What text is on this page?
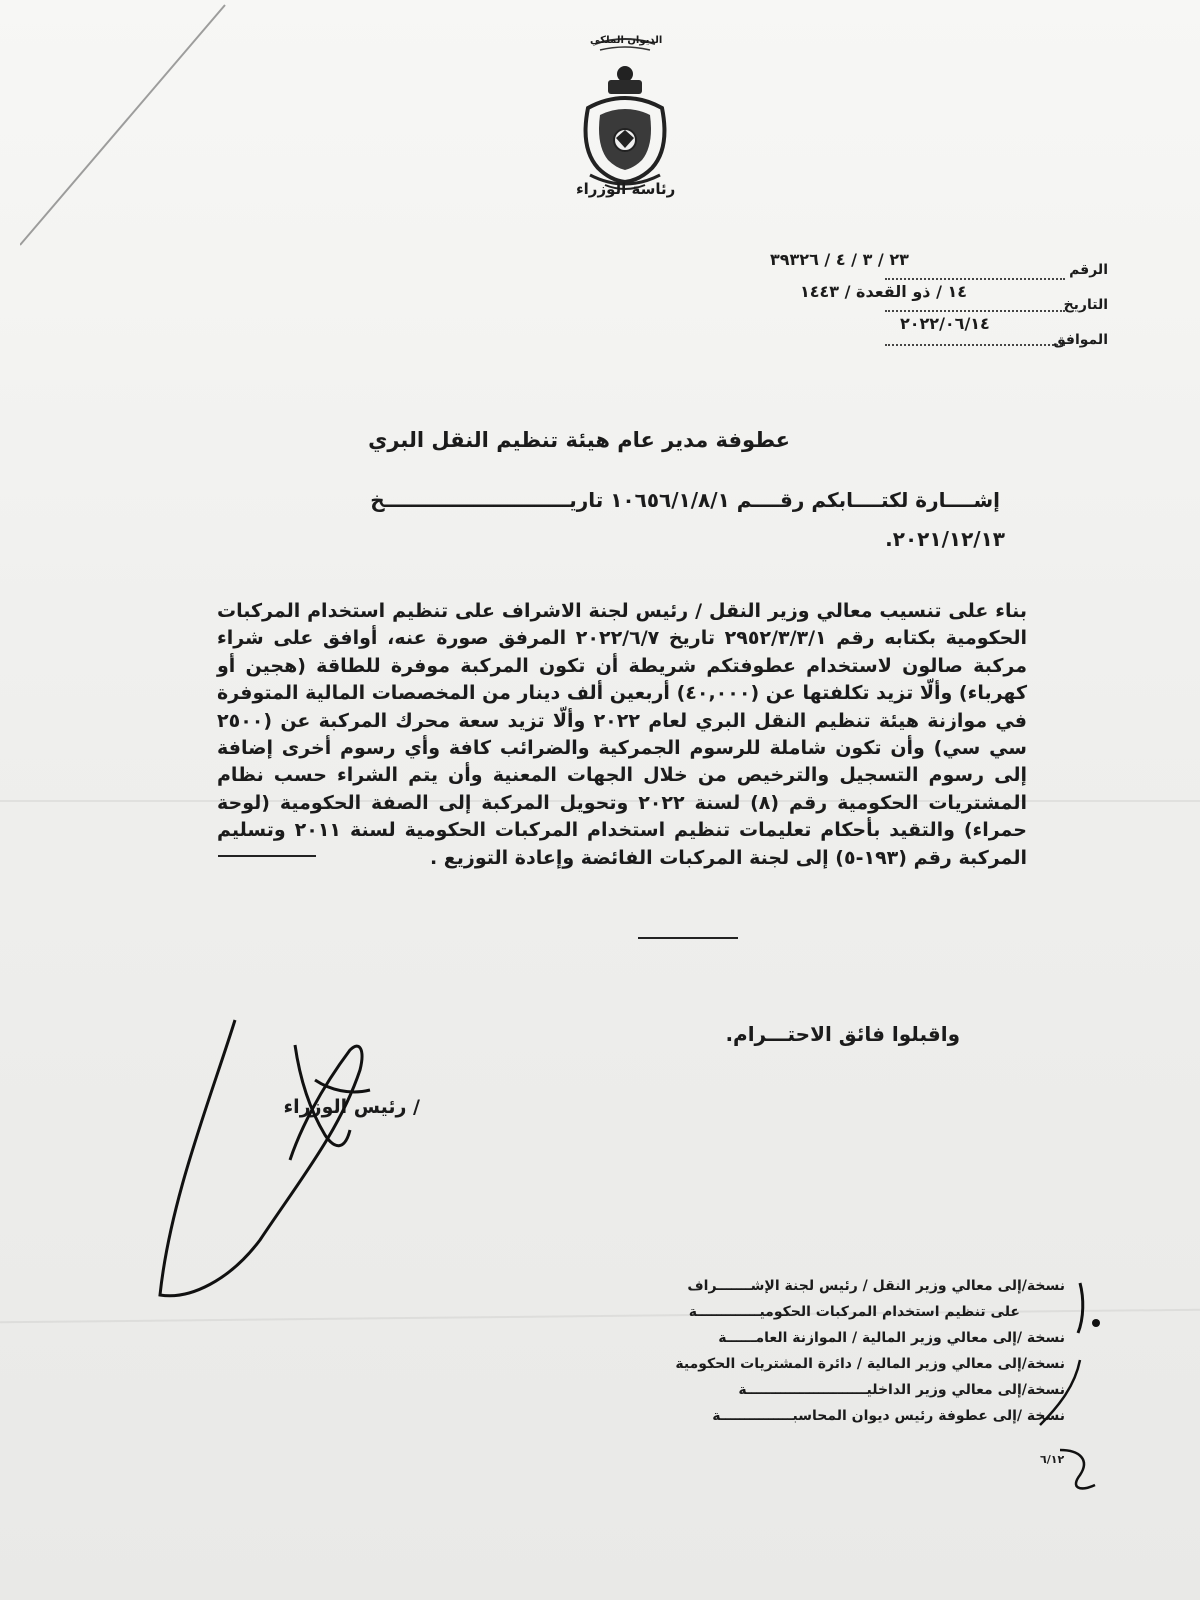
الديوان الملكي
رئاسة الوزراء
الرقم
٢٣ / ٣ / ٤ / ٣٩٣٢٦
التاريخ
١٤ / ذو القعدة / ١٤٤٣
الموافق
٢٠٢٢/٠٦/١٤
عطوفة مدير عام هيئة تنظيم النقل البري
إشــــارة لكتــــابكم رقــــم ١٠٦٥٦/١/٨/١ تاريـــــــــــــــــــــــــــخ
٢٠٢١/١٢/١٣.
بناء على تنسيب معالي وزير النقل / رئيس لجنة الاشراف على تنظيم استخدام المركبات الحكومية بكتابه رقم ٢٩٥٢/٣/٣/١ تاريخ ٢٠٢٢/٦/٧ المرفق صورة عنه، أوافق على شراء مركبة صالون لاستخدام عطوفتكم شريطة أن تكون المركبة موفرة للطاقة (هجين أو كهرباء) وألّا تزيد تكلفتها عن (٤٠,٠٠٠) أربعين ألف دينار من المخصصات المالية المتوفرة في موازنة هيئة تنظيم النقل البري لعام ٢٠٢٢ وألّا تزيد سعة محرك المركبة عن (٢٥٠٠ سي سي) وأن تكون شاملة للرسوم الجمركية والضرائب كافة وأي رسوم أخرى إضافة إلى رسوم التسجيل والترخيص من خلال الجهات المعنية وأن يتم الشراء حسب نظام المشتريات الحكومية رقم (٨) لسنة ٢٠٢٢ وتحويل المركبة إلى الصفة الحكومية (لوحة حمراء) والتقيد بأحكام تعليمات تنظيم استخدام المركبات الحكومية لسنة ٢٠١١ وتسليم المركبة رقم (١٩٣-٥) إلى لجنة المركبات الفائضة وإعادة التوزيع .
واقبلوا فائق الاحتـــرام.
/ رئيس الوزراء
نسخة/إلى معالي وزير النقل / رئيس لجنة الإشـــــــراف
على تنظيم استخدام المركبات الحكوميـــــــــــــة
نسخة /إلى معالي وزير المالية / الموازنة العامــــــة
نسخة/إلى معالي وزير المالية / دائرة المشتريات الحكومية
نسخة/إلى معالي وزير الداخليـــــــــــــــــــــــــة
نسخة /إلى عطوفة رئيس ديوان المحاسبـــــــــــــــة
٦/١٢
